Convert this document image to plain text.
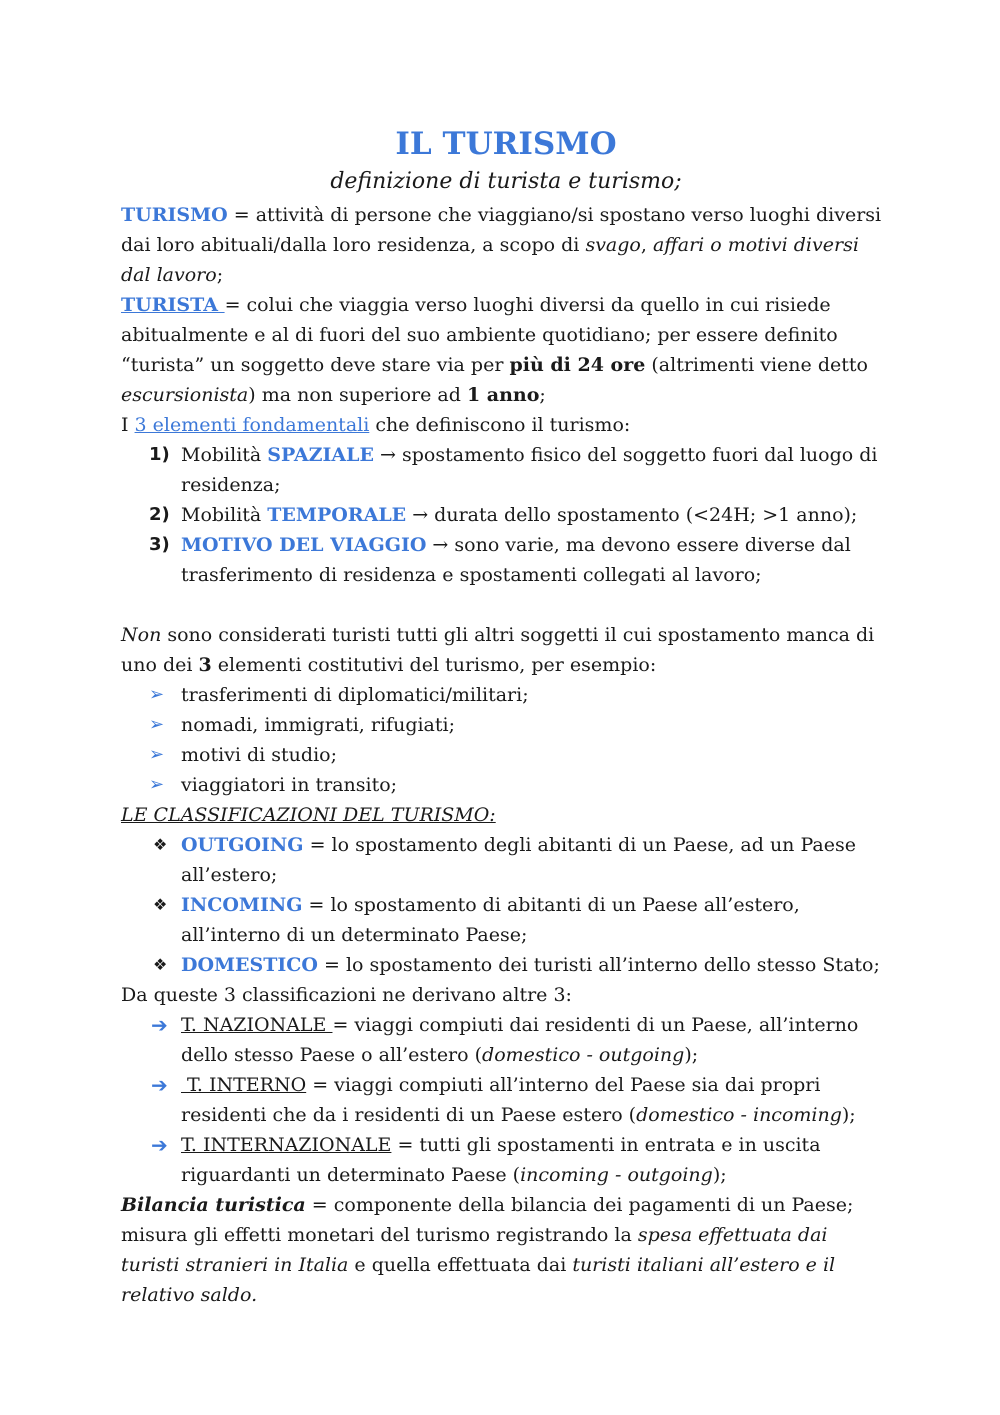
IL TURISMO
definizione di turista e turismo;

TURISMO = attività di persone che viaggiano/si spostano verso luoghi diversi dai loro abituali/dalla loro residenza, a scopo di svago, affari o motivi diversi dal lavoro;

TURISTA = colui che viaggia verso luoghi diversi da quello in cui risiede abitualmente e al di fuori del suo ambiente quotidiano; per essere definito “turista” un soggetto deve stare via per più di 24 ore (altrimenti viene detto escursionista) ma non superiore ad 1 anno;

I 3 elementi fondamentali che definiscono il turismo:

1) Mobilità SPAZIALE → spostamento fisico del soggetto fuori dal luogo di residenza;
2) Mobilità TEMPORALE → durata dello spostamento (<24H; >1 anno);
3) MOTIVO DEL VIAGGIO → sono varie, ma devono essere diverse dal trasferimento di residenza e spostamenti collegati al lavoro;

Non sono considerati turisti tutti gli altri soggetti il cui spostamento manca di uno dei 3 elementi costitutivi del turismo, per esempio:

➢ trasferimenti di diplomatici/militari;
➢ nomadi, immigrati, rifugiati;
➢ motivi di studio;
➢ viaggiatori in transito;

LE CLASSIFICAZIONI DEL TURISMO:

❖ OUTGOING = lo spostamento degli abitanti di un Paese, ad un Paese all’estero;
❖ INCOMING = lo spostamento di abitanti di un Paese all’estero, all’interno di un determinato Paese;
❖ DOMESTICO = lo spostamento dei turisti all’interno dello stesso Stato;

Da queste 3 classificazioni ne derivano altre 3:

➔ T. NAZIONALE = viaggi compiuti dai residenti di un Paese, all’interno dello stesso Paese o all’estero (domestico - outgoing);
➔ T. INTERNO = viaggi compiuti all’interno del Paese sia dai propri residenti che da i residenti di un Paese estero (domestico - incoming);
➔ T. INTERNAZIONALE = tutti gli spostamenti in entrata e in uscita riguardanti un determinato Paese (incoming - outgoing);

Bilancia turistica = componente della bilancia dei pagamenti di un Paese; misura gli effetti monetari del turismo registrando la spesa effettuata dai turisti stranieri in Italia e quella effettuata dai turisti italiani all’estero e il relativo saldo.
